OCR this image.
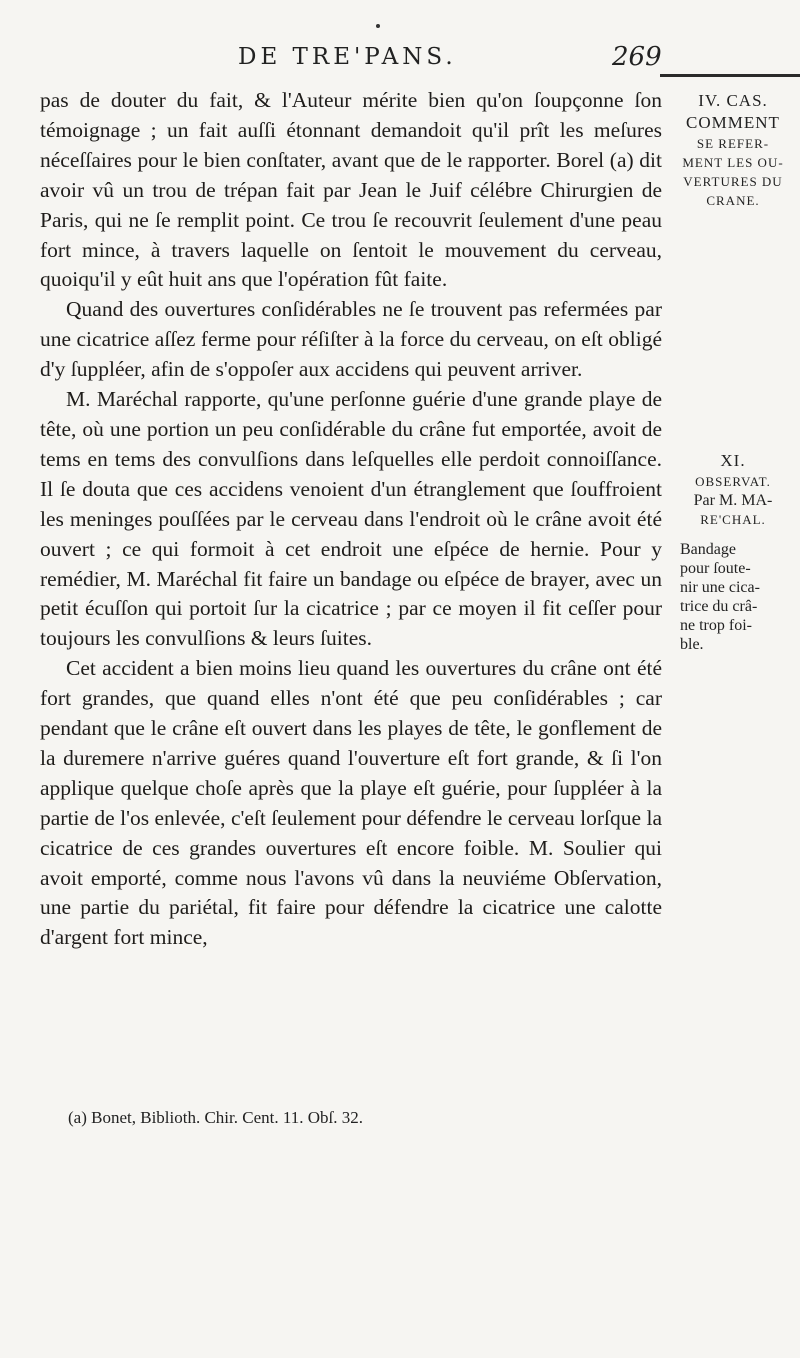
DE TRE'PANS.	269

pas de douter du fait, & l'Auteur mérite bien qu'on ſoupçonne ſon témoignage ; un fait auſſi étonnant demandoit qu'il prît les meſures néceſſaires pour le bien conſtater, avant que de le rapporter. Borel (a) dit avoir vû un trou de trépan fait par Jean le Juif célébre Chirurgien de Paris, qui ne ſe remplit point. Ce trou ſe recouvrit ſeulement d'une peau fort mince, à travers laquelle on ſentoit le mouvement du cerveau, quoiqu'il y eût huit ans que l'opération fût faite.

Quand des ouvertures conſidérables ne ſe trouvent pas refermées par une cicatrice aſſez ferme pour réſiſter à la force du cerveau, on eſt obligé d'y ſuppléer, afin de s'oppoſer aux accidens qui peuvent arriver.

M. Maréchal rapporte, qu'une perſonne guérie d'une grande playe de tête, où une portion un peu conſidérable du crâne fut emportée, avoit de tems en tems des convulſions dans leſquelles elle perdoit connoiſſance. Il ſe douta que ces accidens venoient d'un étranglement que ſouffroient les meninges pouſſées par le cerveau dans l'endroit où le crâne avoit été ouvert ; ce qui formoit à cet endroit une eſpéce de hernie. Pour y remédier, M. Maréchal fit faire un bandage ou eſpéce de brayer, avec un petit écuſſon qui portoit ſur la cicatrice ; par ce moyen il fit ceſſer pour toujours les convulſions & leurs ſuites.

Cet accident a bien moins lieu quand les ouvertures du crâne ont été fort grandes, que quand elles n'ont été que peu conſidérables ; car pendant que le crâne eſt ouvert dans les playes de tête, le gonflement de la duremere n'arrive guéres quand l'ouverture eſt fort grande, & ſi l'on applique quelque choſe après que la playe eſt guérie, pour ſuppléer à la partie de l'os enlevée, c'eſt ſeulement pour défendre le cerveau lorſque la cicatrice de ces grandes ouvertures eſt encore foible. M. Soulier qui avoit emporté, comme nous l'avons vû dans la neuviéme Obſervation, une partie du pariétal, fit faire pour défendre la cicatrice une calotte d'argent fort mince,

IV. CAS.
COMMENT
SE REFER-
MENT LES OU-
VERTURES DU
CRANE.
XI.
OBSERVAT.
Par M. MA-
RE'CHAL.
Bandage
pour ſoute-
nir une cica-
trice du crâ-
ne trop foi-
ble.
(a) Bonet, Biblioth. Chir. Cent. 11. Obſ. 32.
